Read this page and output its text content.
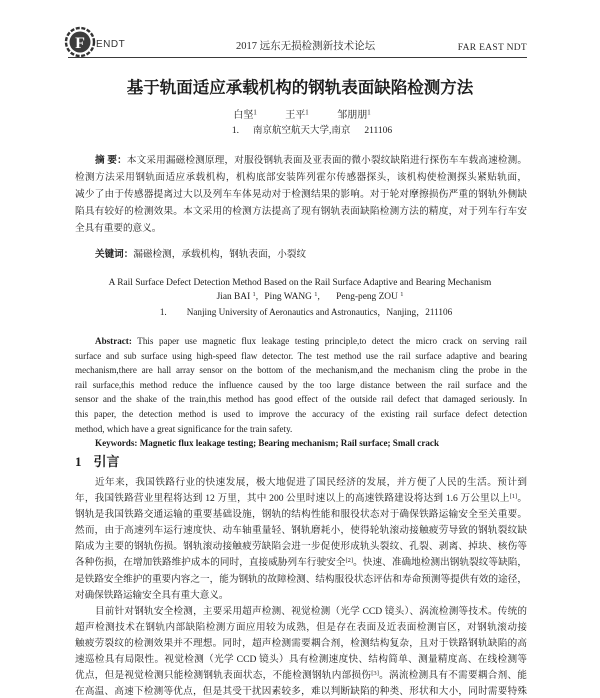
F ENDT	2017 远东无损检测新技术论坛	FAR EAST NDT
基于轨面适应承载机构的钢轨表面缺陷检测方法
白坚$^1$	王平$^1$	邹朋朋$^1$
1. 南京航空航天大学,南京 211106
摘 要：本文采用漏磁检测原理，对服役钢轨表面及亚表面的微小裂纹缺陷进行探伤车车载高速检测。
检测方法采用钢轨面适应承载机构，机构底部安装阵列霍尔传感器探头，该机构使检测探头紧贴轨面，
减少了由于传感器提离过大以及列车车体晃动对于检测结果的影响。对于轮对摩擦损伤严重的钢轨外侧缺
陷具有较好的检测效果。本文采用的检测方法提高了现有钢轨表面缺陷检测方法的精度，对于列车行车安
全具有重要的意义。
关键词：漏磁检测，承载机构，钢轨表面，小裂纹
A Rail Surface Defect Detection Method Based on the Rail Surface Adaptive and Bearing Mechanism
Jian BAI $^1$, Ping WANG $^1$, Peng-peng ZOU $^1$
1. Nanjing University of Aeronautics and Astronautics，Nanjing，211106
Abstract: This paper use magnetic flux leakage testing principle,to detect the micro crack on serving rail
surface and sub surface using high-speed flaw detector. The test method use the rail surface adaptive and bearing
mechanism,there are hall array sensor on the bottom of the mechanism,and the mechanism cling the probe in the
rail surface,this method reduce the influence caused by the too large distance between the rail surface and the
sensor and the shake of the train,this method has good effect of the outside rail defect that damaged seriously. In
this paper, the detection method is used to improve the accuracy of the existing rail surface defect detection
method, which have a great significance for the train safety.
Keywords: Magnetic flux leakage testing; Bearing mechanism; Rail surface; Small crack
1 引言
近年来，我国铁路行业的快速发展，极大地促进了国民经济的发展，并方便了人民的生活。预计到
年，我国铁路营业里程将达到 12 万里，其中 200 公里时速以上的高速铁路建设将达到 1.6 万公里以上[1]。
钢轨是我国铁路交通运输的重要基础设施，钢轨的结构性能和服役状态对于确保铁路运输安全至关重要。
然而，由于高速列车运行速度快、动车轴重量轻、钢轨磨耗小，使得轮轨滚动接触疲劳导致的钢轨裂纹缺
陷成为主要的钢轨伤损。钢轨滚动接触疲劳缺陷会进一步促使形成轨头裂纹、孔裂、剥离、掉块、核伤等
各种伤损，在增加铁路维护成本的同时，直接威胁列车行驶安全[2]。快速、准确地检测出钢轨裂纹等缺陷，
是铁路安全维护的重要内容之一，能为钢轨的故障检测、结构服役状态评估和寿命预测等提供有效的途径，
对确保铁路运输安全具有重大意义。
目前针对钢轨安全检测，主要采用超声检测、视觉检测（光学 CCD 镜头）、涡流检测等技术。传统的
超声检测技术在钢轨内部缺陷检测方面应用较为成熟，但是存在表面及近表面检测盲区，对钢轨滚动接
触疲劳裂纹的检测效果并不理想。同时，超声检测需要耦合剂，检测结构复杂，且对于铁路钢轨缺陷的高
速巡检具有局限性。视觉检测（光学 CCD 镜头）具有检测速度快、结构简单、测量精度高、在线检测等
优点，但是视觉检测只能检测钢轨表面状态，不能检测钢轨内部损伤[3]。涡流检测具有不需要耦合剂、能
在高温、高速下检测等优点，但是其受干扰因素较多，难以判断缺陷的种类、形状和大小，同时需要特殊
